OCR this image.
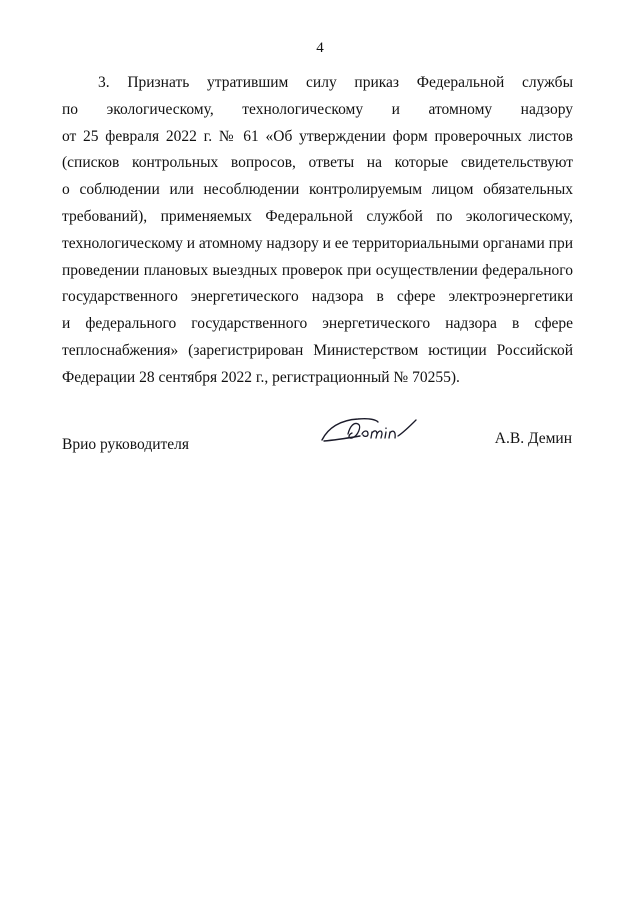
4
3. Признать утратившим силу приказ Федеральной службы
по экологическому, технологическому и атомному надзору
от 25 февраля 2022 г. № 61 «Об утверждении форм проверочных листов
(списков контрольных вопросов, ответы на которые свидетельствуют
о соблюдении или несоблюдении контролируемым лицом обязательных
требований), применяемых Федеральной службой по экологическому,
технологическому и атомному надзору и ее территориальными органами при
проведении плановых выездных проверок при осуществлении федерального
государственного энергетического надзора в сфере электроэнергетики
и федерального государственного энергетического надзора в сфере
теплоснабжения» (зарегистрирован Министерством юстиции Российской
Федерации 28 сентября 2022 г., регистрационный № 70255).
Врио руководителя	А.В. Демин
